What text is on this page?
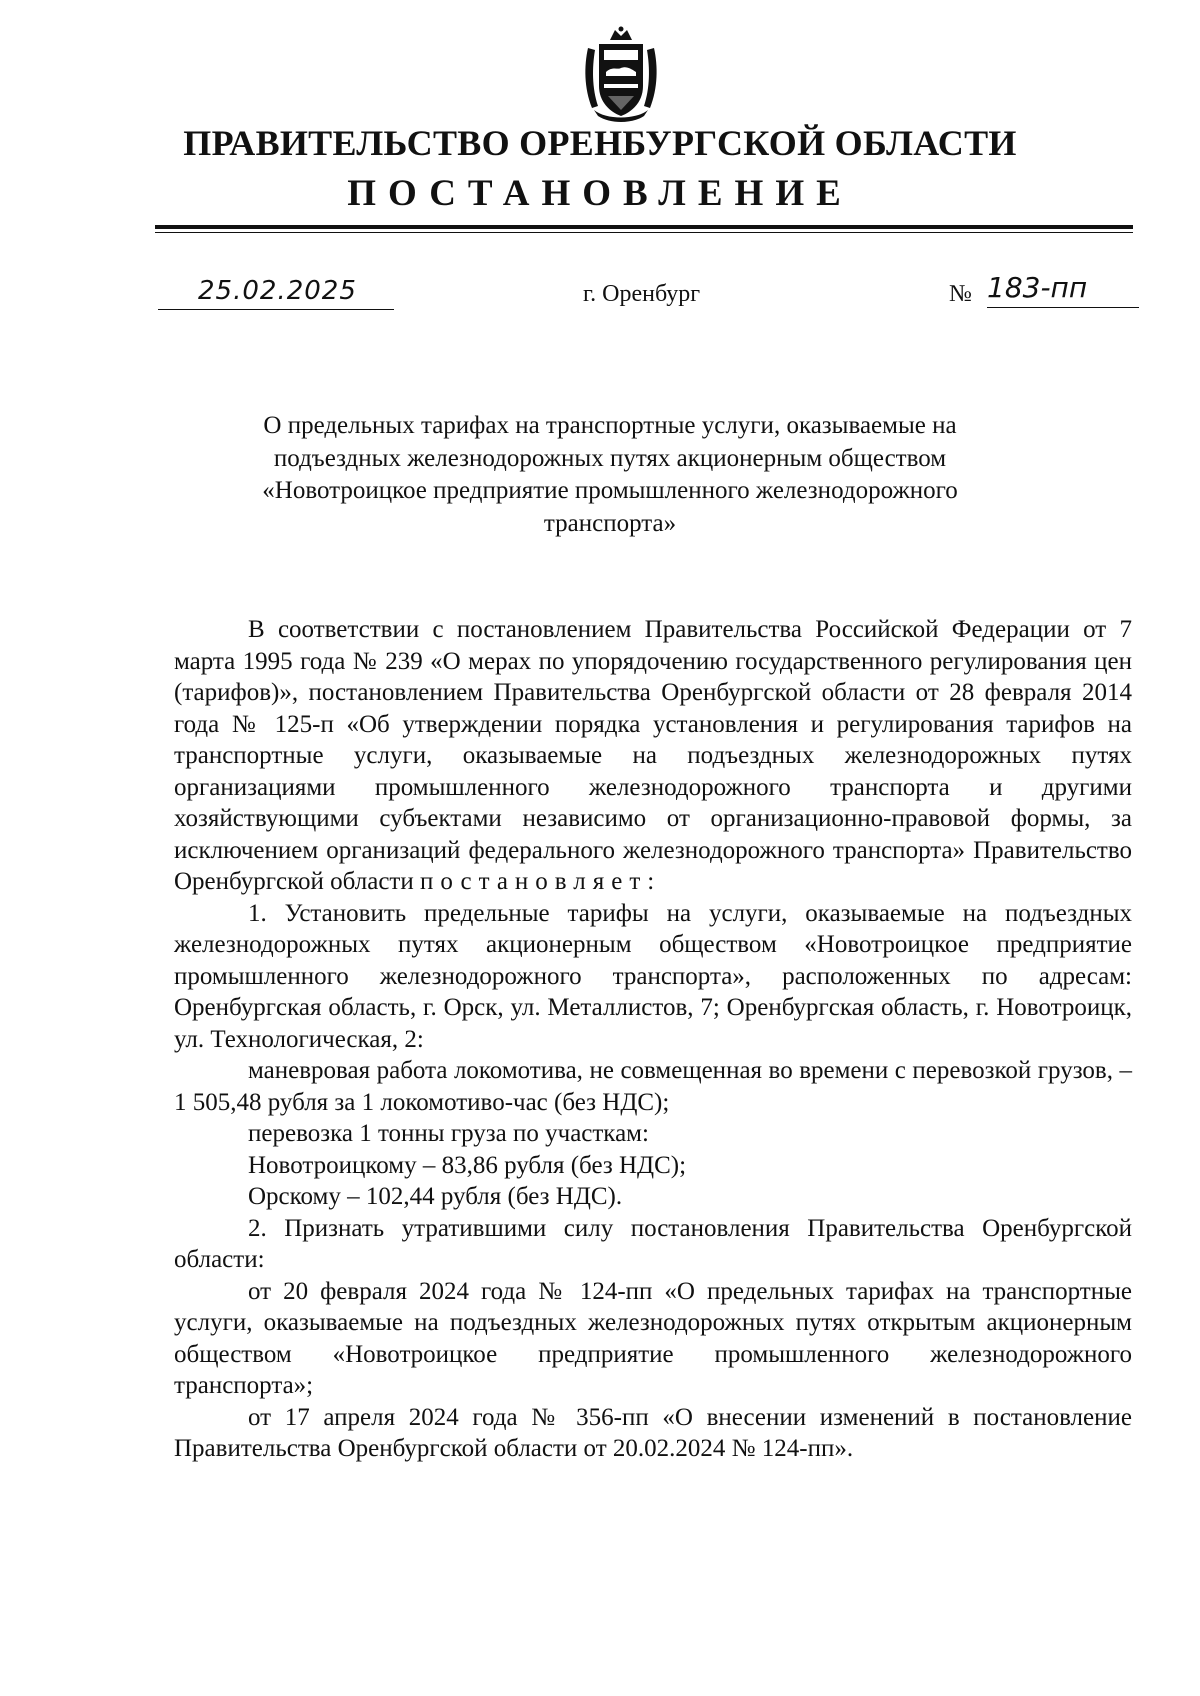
ПРАВИТЕЛЬСТВО ОРЕНБУРГСКОЙ ОБЛАСТИ
ПОСТАНОВЛЕНИЕ
25.02.2025	г. Оренбург	№ 183-пп
О предельных тарифах на транспортные услуги, оказываемые на подъездных железнодорожных путях акционерным обществом «Новотроицкое предприятие промышленного железнодорожного транспорта»

В соответствии с постановлением Правительства Российской Федерации от 7 марта 1995 года № 239 «О мерах по упорядочению государственного регулирования цен (тарифов)», постановлением Правительства Оренбургской области от 28 февраля 2014 года № 125-п «Об утверждении порядка установления и регулирования тарифов на транспортные услуги, оказываемые на подъездных железнодорожных путях организациями промышленного железнодорожного транспорта и другими хозяйствующими субъектами независимо от организационно-правовой формы, за исключением организаций федерального железнодорожного транспорта» Правительство Оренбургской области постановляет:

1. Установить предельные тарифы на услуги, оказываемые на подъездных железнодорожных путях акционерным обществом «Новотроицкое предприятие промышленного железнодорожного транспорта», расположенных по адресам: Оренбургская область, г. Орск, ул. Металлистов, 7; Оренбургская область, г. Новотроицк, ул. Технологическая, 2:

маневровая работа локомотива, не совмещенная во времени с перевозкой грузов, – 1 505,48 рубля за 1 локомотиво-час (без НДС);

перевозка 1 тонны груза по участкам:

Новотроицкому – 83,86 рубля (без НДС);

Орскому – 102,44 рубля (без НДС).

2. Признать утратившими силу постановления Правительства Оренбургской области:

от 20 февраля 2024 года № 124-пп «О предельных тарифах на транспортные услуги, оказываемые на подъездных железнодорожных путях открытым акционерным обществом «Новотроицкое предприятие промышленного железнодорожного транспорта»;

от 17 апреля 2024 года № 356-пп «О внесении изменений в постановление Правительства Оренбургской области от 20.02.2024 № 124-пп».
